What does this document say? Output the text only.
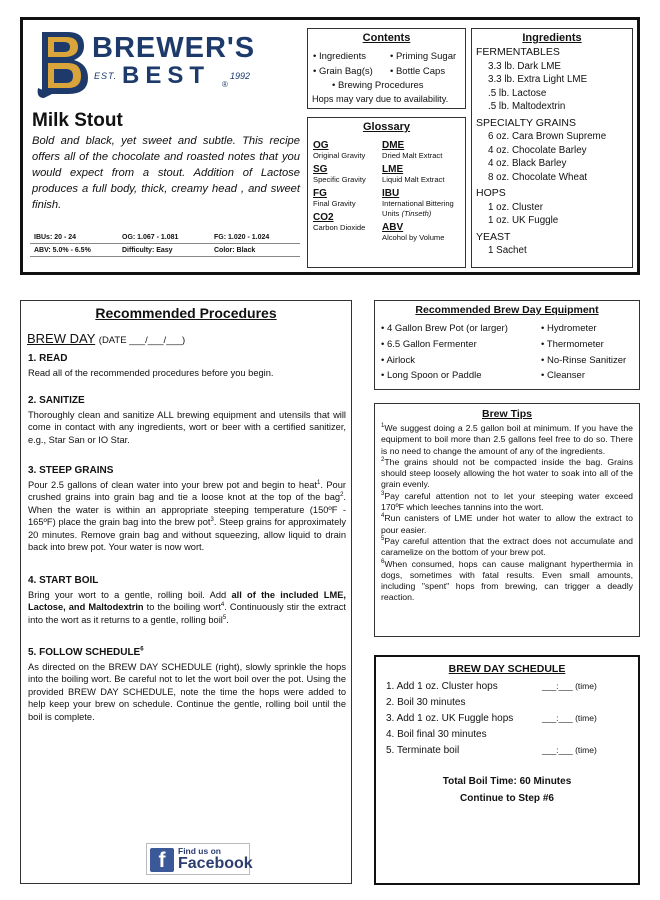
BREWER'S
EST. BEST 1992
®
Milk Stout
Bold and black, yet sweet and subtle. This recipe offers all of the chocolate and roasted notes that you would expect from a stout. Addition of Lactose produces a full body, thick, creamy head , and sweet finish.
IBUs: 20 - 24	OG: 1.067 - 1.081	FG: 1.020 - 1.024
ABV: 5.0% - 6.5%	Difficulty: Easy	Color: Black
Contents
• Ingredients	• Priming Sugar
• Grain Bag(s) • Bottle Caps
• Brewing Procedures
Hops may vary due to availability.
Glossary
OG
Original Gravity
SG
Specific Gravity
FG
Final Gravity
CO2
Carbon Dioxide
DME
Dried Malt Extract
LME
Liquid Malt Extract
IBU
International Bittering Units (Tinseth)
ABV
Alcohol by Volume
Ingredients
FERMENTABLES
3.3 lb. Dark LME
3.3 lb. Extra Light LME
.5 lb. Lactose
.5 lb. Maltodextrin
SPECIALTY GRAINS
6 oz. Cara Brown Supreme
4 oz. Chocolate Barley
4 oz. Black Barley
8 oz. Chocolate Wheat
HOPS
1 oz. Cluster
1 oz. UK Fuggle
YEAST
1 Sachet
Recommended Procedures
BREW DAY (DATE ___/___/___)
1. READ

Read all of the recommended procedures before you begin.

2. SANITIZE

Thoroughly clean and sanitize ALL brewing equipment and utensils that will come in contact with any ingredients, wort or beer with a certified sanitizer, e.g., Star San or IO Star.

3. STEEP GRAINS

Pour 2.5 gallons of clean water into your brew pot and begin to heat$^1$. Pour crushed grains into grain bag and tie a loose knot at the top of the bag$^2$. When the water is within an appropriate steeping temperature (150ºF - 165ºF) place the grain bag into the brew pot$^3$. Steep grains for approximately 20 minutes. Remove grain bag and without squeezing, allow liquid to drain back into brew pot. Your water is now wort.

4. START BOIL

Bring your wort to a gentle, rolling boil. Add all of the included LME, Lactose, and Maltodextrin to the boiling wort$^4$. Continuously stir the extract into the wort as it returns to a gentle, rolling boil$^5$.

5. FOLLOW SCHEDULE$^6$

As directed on the BREW DAY SCHEDULE (right), slowly sprinkle the hops into the boiling wort. Be careful not to let the wort boil over the pot. Using the provided BREW DAY SCHEDULE, note the time the hops were added to help keep your brew on schedule. Continue the gentle, rolling boil until the boil is complete.

f	Find us on
Facebook
Recommended Brew Day Equipment
• 4 Gallon Brew Pot (or larger)
• 6.5 Gallon Fermenter
• Airlock
• Long Spoon or Paddle
• Hydrometer
• Thermometer
• No-Rinse Sanitizer
• Cleanser
Brew Tips

$^1$We suggest doing a 2.5 gallon boil at minimum. If you have the equipment to boil more than 2.5 gallons feel free to do so. There is no need to change the amount of any of the ingredients.

$^2$The grains should not be compacted inside the bag. Grains should steep loosely allowing the hot water to soak into all of the grain evenly.

$^3$Pay careful attention not to let your steeping water exceed 170ºF which leeches tannins into the wort.

$^4$Run canisters of LME under hot water to allow the extract to pour easier.

$^5$Pay careful attention that the extract does not accumulate and caramelize on the bottom of your brew pot.

$^6$When consumed, hops can cause malignant hyperthermia in dogs, sometimes with fatal results. Even small amounts, including "spent" hops from brewing, can trigger a deadly reaction.

BREW DAY SCHEDULE
1. Add 1 oz. Cluster hops	___:___ (time)
2. Boil 30 minutes
3. Add 1 oz. UK Fuggle hops	___:___ (time)
4. Boil final 30 minutes
5. Terminate boil	___:___ (time)
Total Boil Time: 60 Minutes
Continue to Step #6
